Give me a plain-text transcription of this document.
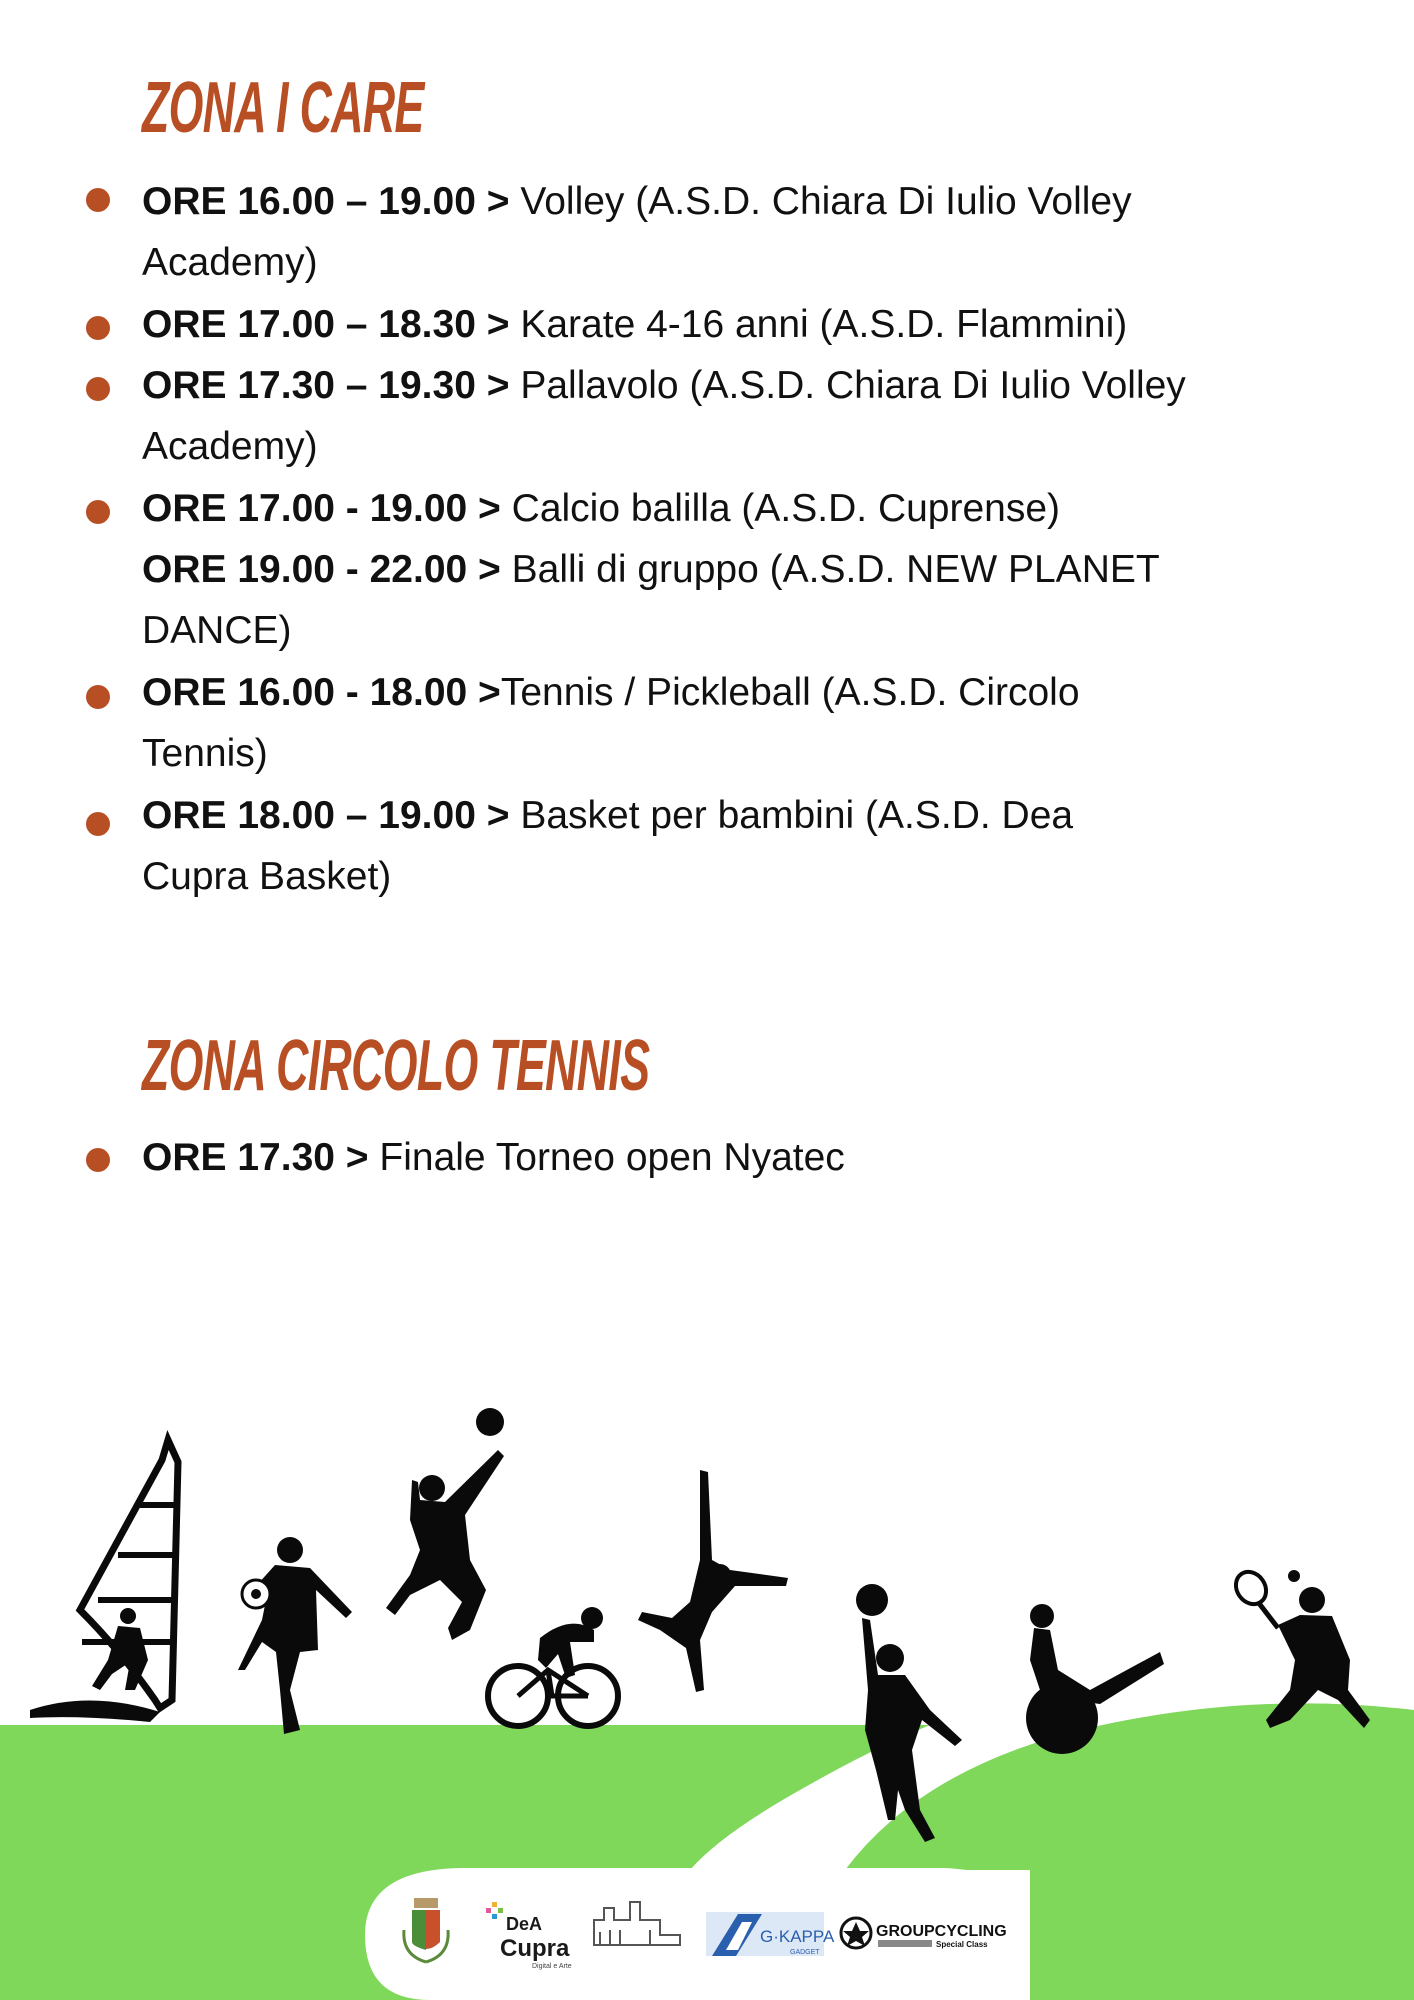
ZONA I CARE

ORE 16.00 – 19.00 > Volley (A.S.D. Chiara Di Iulio Volley
Academy)

ORE 17.00 – 18.30 > Karate 4-16 anni (A.S.D. Flammini)

ORE 17.30 – 19.30 > Pallavolo (A.S.D. Chiara Di Iulio Volley
Academy)

ORE 17.00 - 19.00 > Calcio balilla (A.S.D. Cuprense)

ORE 19.00 - 22.00 > Balli di gruppo (A.S.D. NEW PLANET
DANCE)

ORE 16.00 - 18.00 >Tennis / Pickleball (A.S.D. Circolo
Tennis)

ORE 18.00 – 19.00 > Basket per bambini (A.S.D. Dea
Cupra Basket)

ZONA CIRCOLO TENNIS

ORE 17.30 > Finale Torneo open Nyatec

DeA
Cupra
Digital e Arte
G·KAPPA
GADGET
GROUPCYCLING
Special Class
